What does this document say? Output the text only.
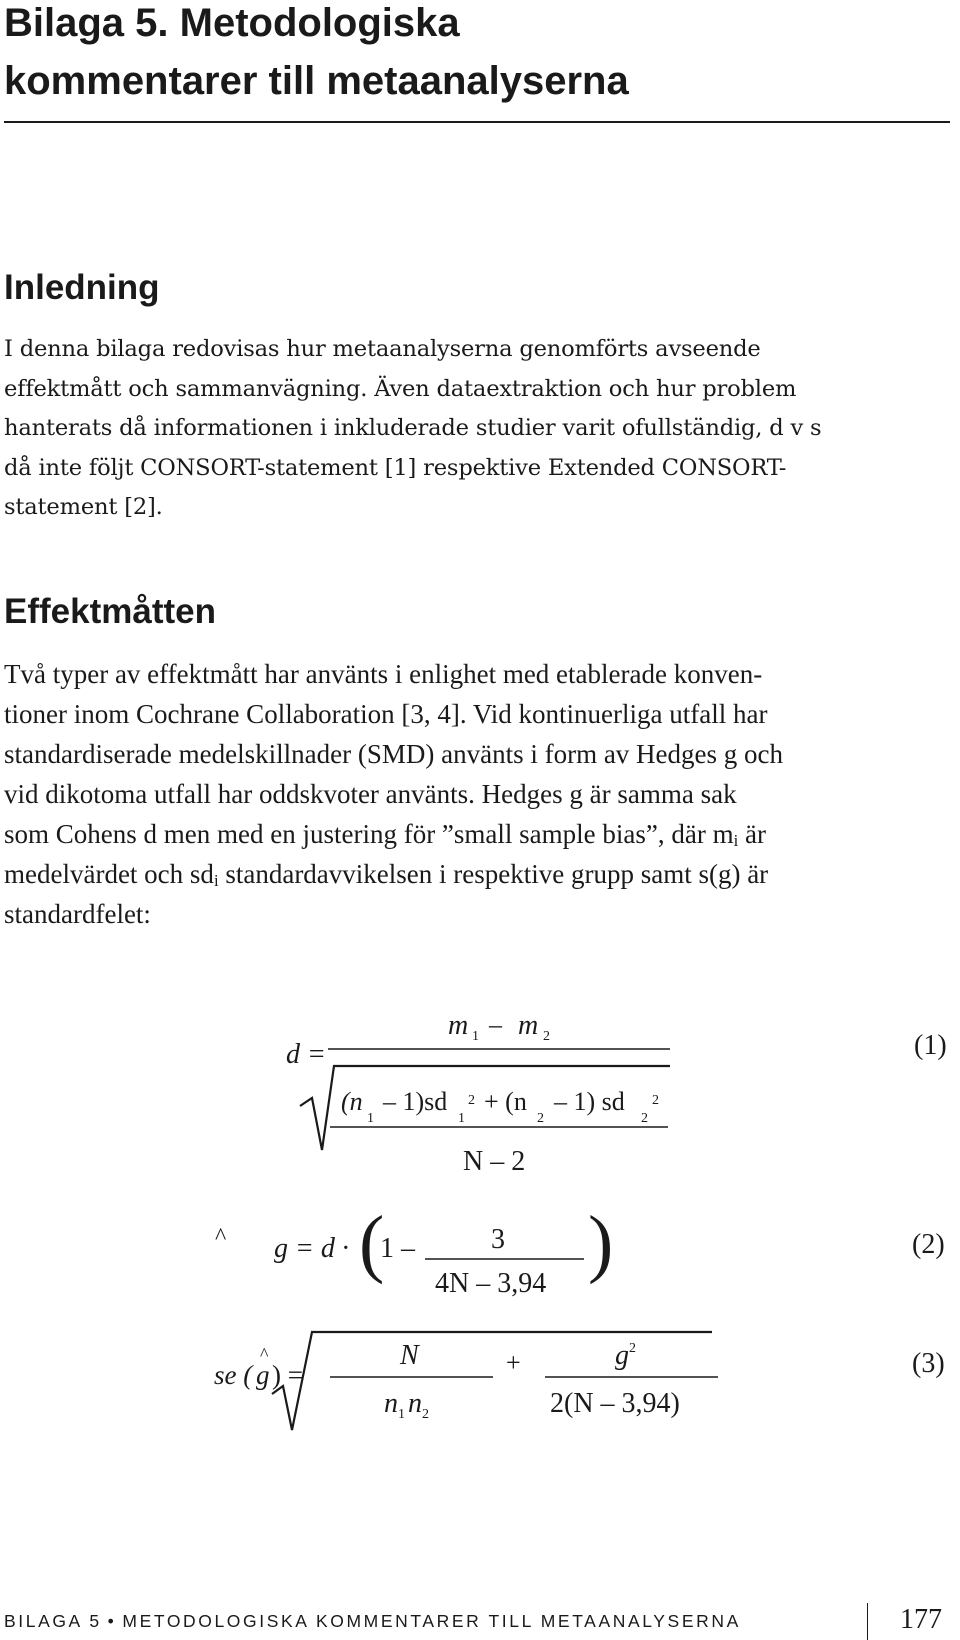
Bilaga 5. Metodologiska
kommentarer till metaanalyserna
Inledning

I denna bilaga redovisas hur metaanalyserna genomförts avseende
effektmått och sammanvägning. Även dataextraktion och hur problem
hanterats då informationen i inkluderade studier varit ofullständig, d v s
då inte följt CONSORT-statement [1] respektive Extended CONSORT-
statement [2].

Effektmåtten

Två typer av effektmått har använts i enlighet med etablerade konven-
tioner inom Cochrane Collaboration [3, 4]. Vid kontinuerliga utfall har
standardiserade medelskillnader (SMD) använts i form av Hedges g och
vid dikotoma utfall har oddskvoter använts. Hedges g är samma sak
som Cohens d men med en justering för ”small sample bias”, där $m_i$ är
medelvärdet och $sd_i$ standardavvikelsen i respektive grupp samt s(g) är
standardfelet:

d =
m 1 – m 2
(n
1
– 1)sd
1
2 + (n
2
– 1) sd
2
2
N – 2
(1)
^ g = d · (
1 –	3
4N – 3,94 )	(2)
se (
^
g ) =
N
n 1 n 2
+	g 2
2(N – 3,94)
(3)
BILAGA 5 • METODOLOGISKA KOMMENTARER TILL METAANALYSERNA	177
